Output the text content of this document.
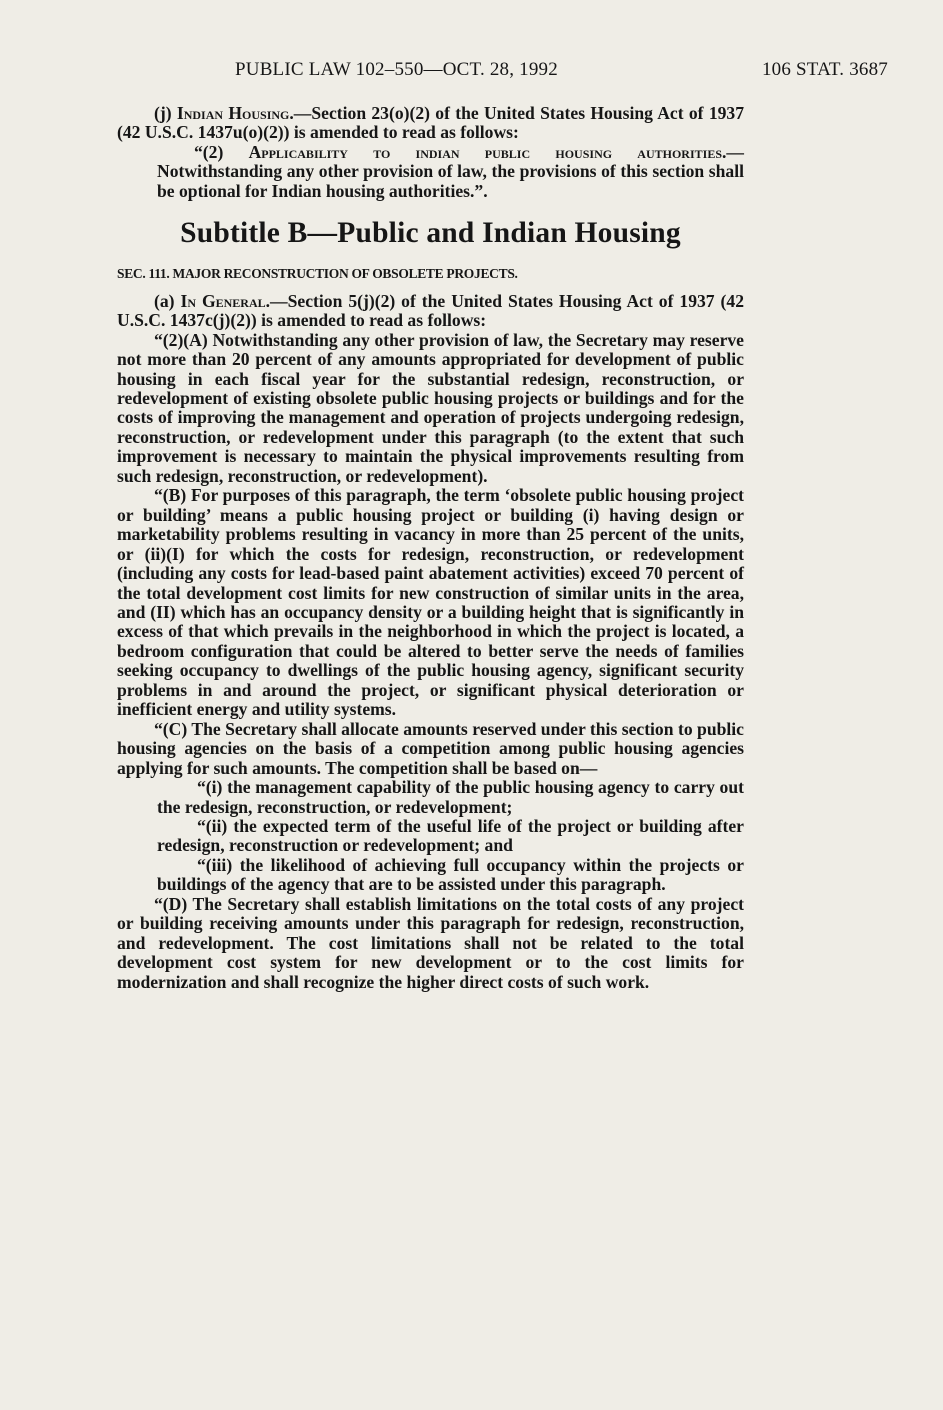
PUBLIC LAW 102–550—OCT. 28, 1992	106 STAT. 3687

(j) Indian Housing.—Section 23(o)(2) of the United States Housing Act of 1937 (42 U.S.C. 1437u(o)(2)) is amended to read as follows:

“(2) Applicability to indian public housing authorities.—Notwithstanding any other provision of law, the provisions of this section shall be optional for Indian housing authorities.”.

Subtitle B—Public and Indian Housing

SEC. 111. MAJOR RECONSTRUCTION OF OBSOLETE PROJECTS.

(a) In General.—Section 5(j)(2) of the United States Housing Act of 1937 (42 U.S.C. 1437c(j)(2)) is amended to read as follows:

“(2)(A) Notwithstanding any other provision of law, the Secretary may reserve not more than 20 percent of any amounts appropriated for development of public housing in each fiscal year for the substantial redesign, reconstruction, or redevelopment of existing obsolete public housing projects or buildings and for the costs of improving the management and operation of projects undergoing redesign, reconstruction, or redevelopment under this paragraph (to the extent that such improvement is necessary to maintain the physical improvements resulting from such redesign, reconstruction, or redevelopment).

“(B) For purposes of this paragraph, the term ‘obsolete public housing project or building’ means a public housing project or building (i) having design or marketability problems resulting in vacancy in more than 25 percent of the units, or (ii)(I) for which the costs for redesign, reconstruction, or redevelopment (including any costs for lead-based paint abatement activities) exceed 70 percent of the total development cost limits for new construction of similar units in the area, and (II) which has an occupancy density or a building height that is significantly in excess of that which prevails in the neighborhood in which the project is located, a bedroom configuration that could be altered to better serve the needs of families seeking occupancy to dwellings of the public housing agency, significant security problems in and around the project, or significant physical deterioration or inefficient energy and utility systems.

“(C) The Secretary shall allocate amounts reserved under this section to public housing agencies on the basis of a competition among public housing agencies applying for such amounts. The competition shall be based on—

“(i) the management capability of the public housing agency to carry out the redesign, reconstruction, or redevelopment;

“(ii) the expected term of the useful life of the project or building after redesign, reconstruction or redevelopment; and

“(iii) the likelihood of achieving full occupancy within the projects or buildings of the agency that are to be assisted under this paragraph.

“(D) The Secretary shall establish limitations on the total costs of any project or building receiving amounts under this paragraph for redesign, reconstruction, and redevelopment. The cost limitations shall not be related to the total development cost system for new development or to the cost limits for modernization and shall recognize the higher direct costs of such work.
